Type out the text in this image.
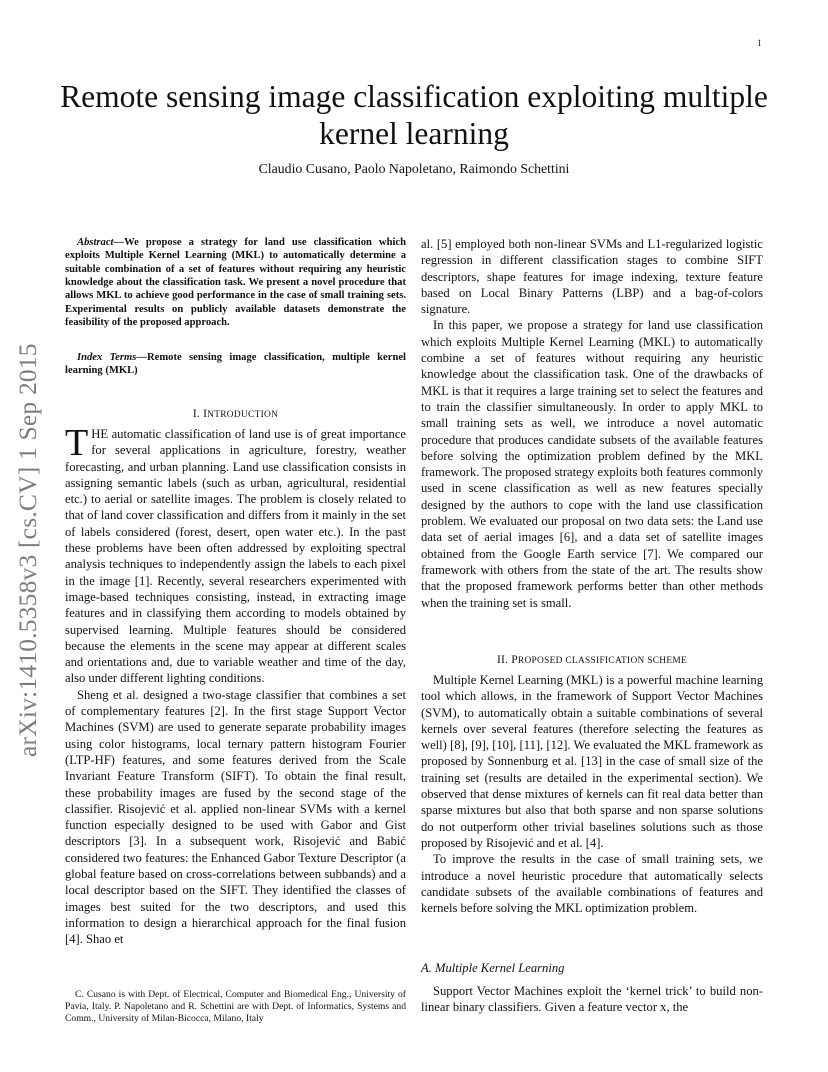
1
Remote sensing image classification exploiting multiple kernel learning
Claudio Cusano, Paolo Napoletano, Raimondo Schettini
arXiv:1410.5358v3 [cs.CV] 1 Sep 2015

Abstract—We propose a strategy for land use classification which exploits Multiple Kernel Learning (MKL) to automatically determine a suitable combination of a set of features without requiring any heuristic knowledge about the classification task. We present a novel procedure that allows MKL to achieve good performance in the case of small training sets. Experimental results on publicly available datasets demonstrate the feasibility of the proposed approach.

Index Terms—Remote sensing image classification, multiple kernel learning (MKL)

I. INTRODUCTION

THE automatic classification of land use is of great importance for several applications in agriculture, forestry, weather forecasting, and urban planning. Land use classification consists in assigning semantic labels (such as urban, agricultural, residential etc.) to aerial or satellite images. The problem is closely related to that of land cover classification and differs from it mainly in the set of labels considered (forest, desert, open water etc.). In the past these problems have been often addressed by exploiting spectral analysis techniques to independently assign the labels to each pixel in the image [1]. Recently, several researchers experimented with image-based techniques consisting, instead, in extracting image features and in classifying them according to models obtained by supervised learning. Multiple features should be considered because the elements in the scene may appear at different scales and orientations and, due to variable weather and time of the day, also under different lighting conditions.

Sheng et al. designed a two-stage classifier that combines a set of complementary features [2]. In the first stage Support Vector Machines (SVM) are used to generate separate probability images using color histograms, local ternary pattern histogram Fourier (LTP-HF) features, and some features derived from the Scale Invariant Feature Transform (SIFT). To obtain the final result, these probability images are fused by the second stage of the classifier. Risojević et al. applied non-linear SVMs with a kernel function especially designed to be used with Gabor and Gist descriptors [3]. In a subsequent work, Risojević and Babić considered two features: the Enhanced Gabor Texture Descriptor (a global feature based on cross-correlations between subbands) and a local descriptor based on the SIFT. They identified the classes of images best suited for the two descriptors, and used this information to design a hierarchical approach for the final fusion [4]. Shao et

C. Cusano is with Dept. of Electrical, Computer and Biomedical Eng., University of Pavia, Italy. P. Napoletano and R. Schettini are with Dept. of Informatics, Systems and Comm., University of Milan-Bicocca, Milano, Italy

al. [5] employed both non-linear SVMs and L1-regularized logistic regression in different classification stages to combine SIFT descriptors, shape features for image indexing, texture feature based on Local Binary Patterns (LBP) and a bag-of-colors signature.

In this paper, we propose a strategy for land use classification which exploits Multiple Kernel Learning (MKL) to automatically combine a set of features without requiring any heuristic knowledge about the classification task. One of the drawbacks of MKL is that it requires a large training set to select the features and to train the classifier simultaneously. In order to apply MKL to small training sets as well, we introduce a novel automatic procedure that produces candidate subsets of the available features before solving the optimization problem defined by the MKL framework. The proposed strategy exploits both features commonly used in scene classification as well as new features specially designed by the authors to cope with the land use classification problem. We evaluated our proposal on two data sets: the Land use data set of aerial images [6], and a data set of satellite images obtained from the Google Earth service [7]. We compared our framework with others from the state of the art. The results show that the proposed framework performs better than other methods when the training set is small.

II. PROPOSED CLASSIFICATION SCHEME

Multiple Kernel Learning (MKL) is a powerful machine learning tool which allows, in the framework of Support Vector Machines (SVM), to automatically obtain a suitable combinations of several kernels over several features (therefore selecting the features as well) [8], [9], [10], [11], [12]. We evaluated the MKL framework as proposed by Sonnenburg et al. [13] in the case of small size of the training set (results are detailed in the experimental section). We observed that dense mixtures of kernels can fit real data better than sparse mixtures but also that both sparse and non sparse solutions do not outperform other trivial baselines solutions such as those proposed by Risojević and et al. [4].

To improve the results in the case of small training sets, we introduce a novel heuristic procedure that automatically selects candidate subsets of the available combinations of features and kernels before solving the MKL optimization problem.

A. Multiple Kernel Learning

Support Vector Machines exploit the ‘kernel trick’ to build non-linear binary classifiers. Given a feature vector x, the
